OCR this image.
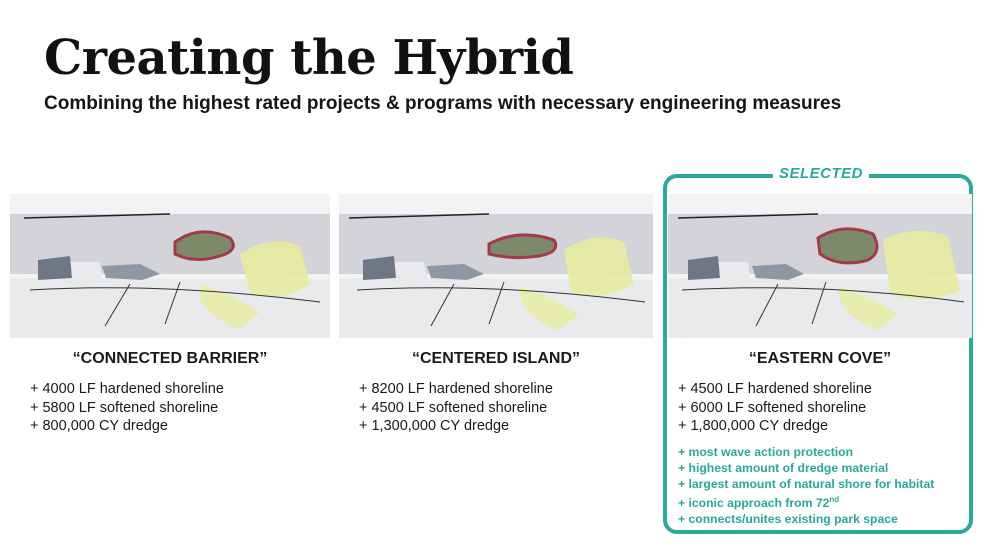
Creating the Hybrid
Combining the highest rated projects & programs with necessary engineering measures
SELECTED
“CONNECTED BARRIER”
+ 4000 LF hardened shoreline
+ 5800 LF softened shoreline
+ 800,000 CY dredge
“CENTERED ISLAND”
+ 8200 LF hardened shoreline
+ 4500 LF softened shoreline
+ 1,300,000 CY dredge
“EASTERN COVE”
+ 4500 LF hardened shoreline
+ 6000 LF softened shoreline
+ 1,800,000 CY dredge
+ most wave action protection
+ highest amount of dredge material
+ largest amount of natural shore for habitat
+ iconic approach from 72nd
+ connects/unites existing park space
